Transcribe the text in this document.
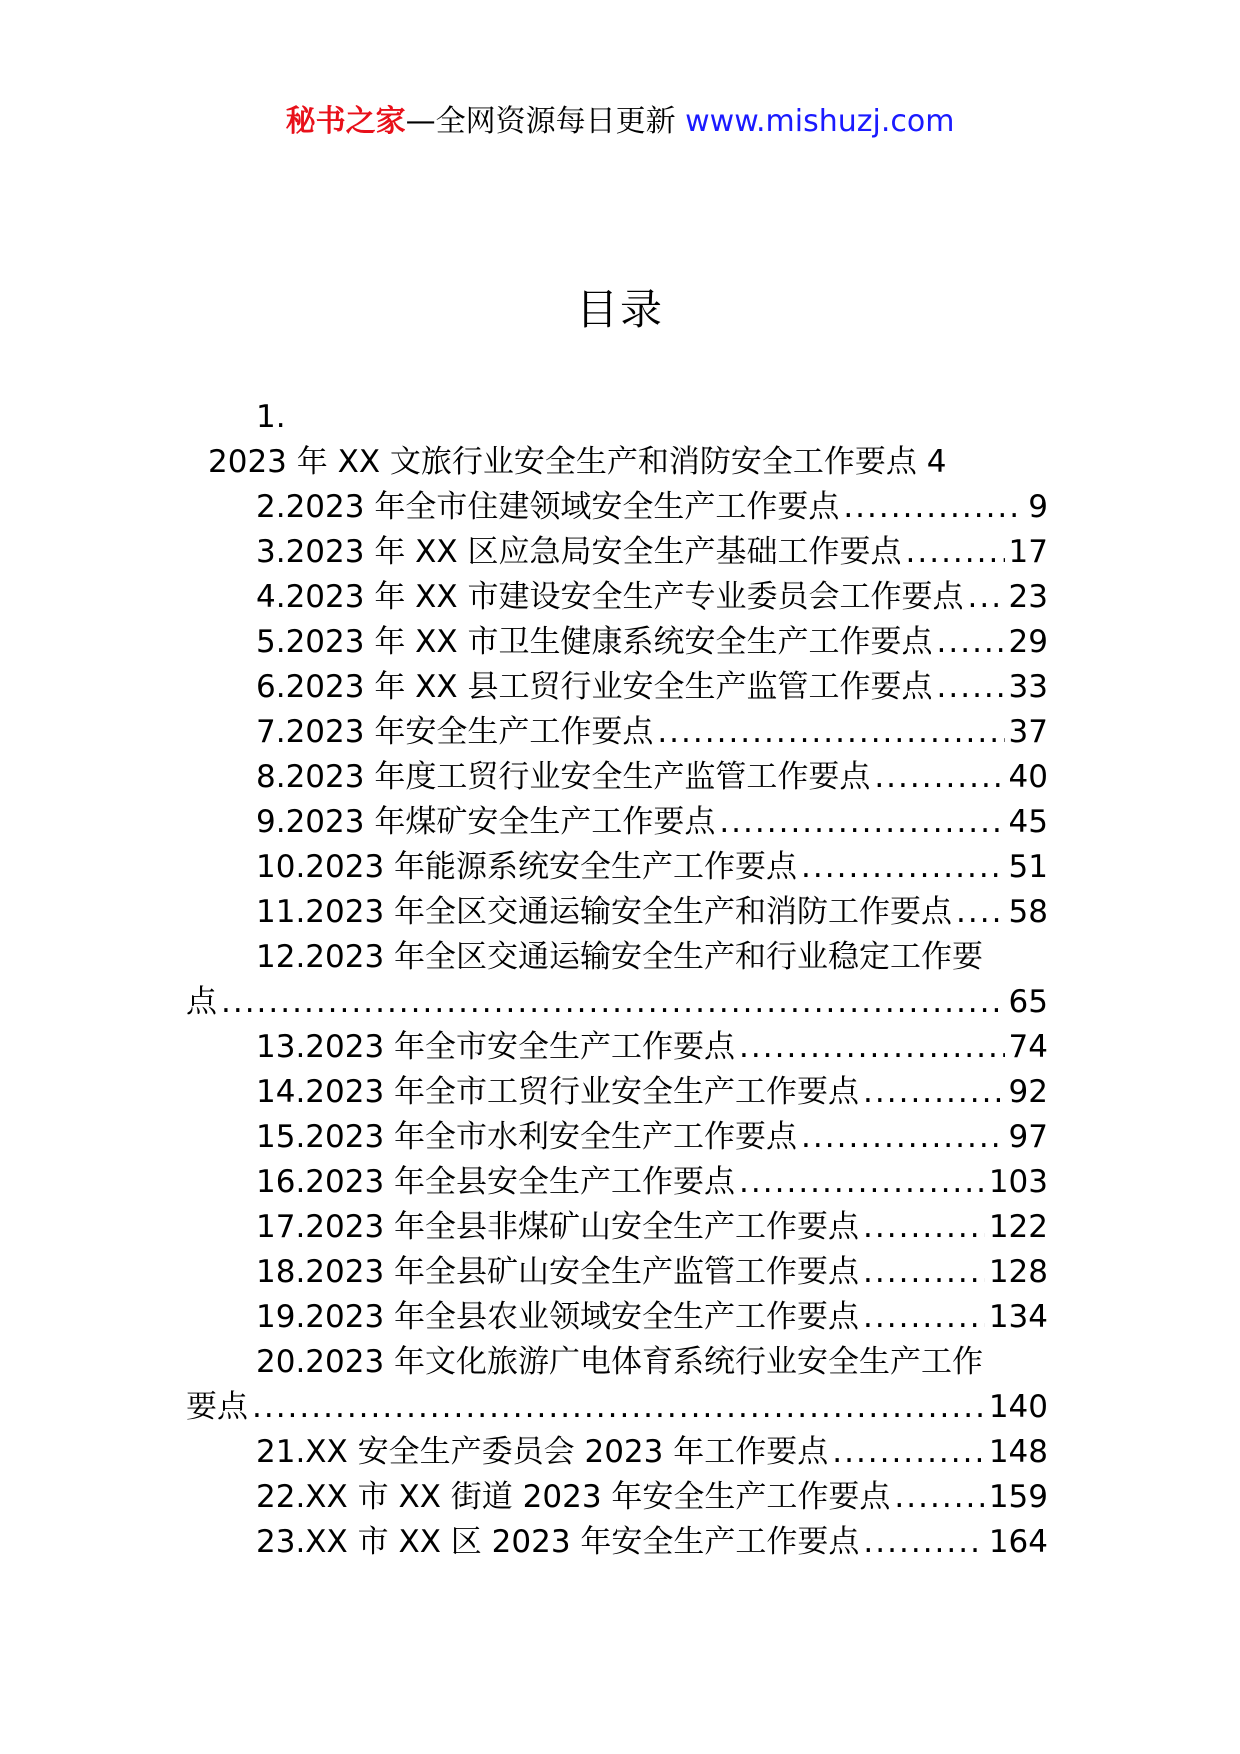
秘书之家—全网资源每日更新 www.mishuzj.com
目录
1.
2023 年 XX 文旅行业安全生产和消防安全工作要点 4
2.2023 年全市住建领域安全生产工作要点 .....	9
3.2023 年 XX 区应急局安全生产基础工作要点 .....	17
4.2023 年 XX 市建设安全生产专业委员会工作要点 ..... 23
5.2023 年 XX 市卫生健康系统安全生产工作要点 ..... 29
6.2023 年 XX 县工贸行业安全生产监管工作要点 ..... 33
7.2023 年安全生产工作要点 .....	37
8.2023 年度工贸行业安全生产监管工作要点 .....	40
9.2023 年煤矿安全生产工作要点 .....	45
10.2023 年能源系统安全生产工作要点 .....	51
11.2023 年全区交通运输安全生产和消防工作要点 ..... 58
12.2023 年全区交通运输安全生产和行业稳定工作要
点 .....	65
13.2023 年全市安全生产工作要点 .....	74
14.2023 年全市工贸行业安全生产工作要点 .....	92
15.2023 年全市水利安全生产工作要点 .....	97
16.2023 年全县安全生产工作要点 .....	103
17.2023 年全县非煤矿山安全生产工作要点 .....	122
18.2023 年全县矿山安全生产监管工作要点 .....	128
19.2023 年全县农业领域安全生产工作要点 .....	134
20.2023 年文化旅游广电体育系统行业安全生产工作
要点 .....	140
21.XX 安全生产委员会 2023 年工作要点 .....	148
22.XX 市 XX 街道 2023 年安全生产工作要点 .....	159
23.XX 市 XX 区 2023 年安全生产工作要点 .....	164
